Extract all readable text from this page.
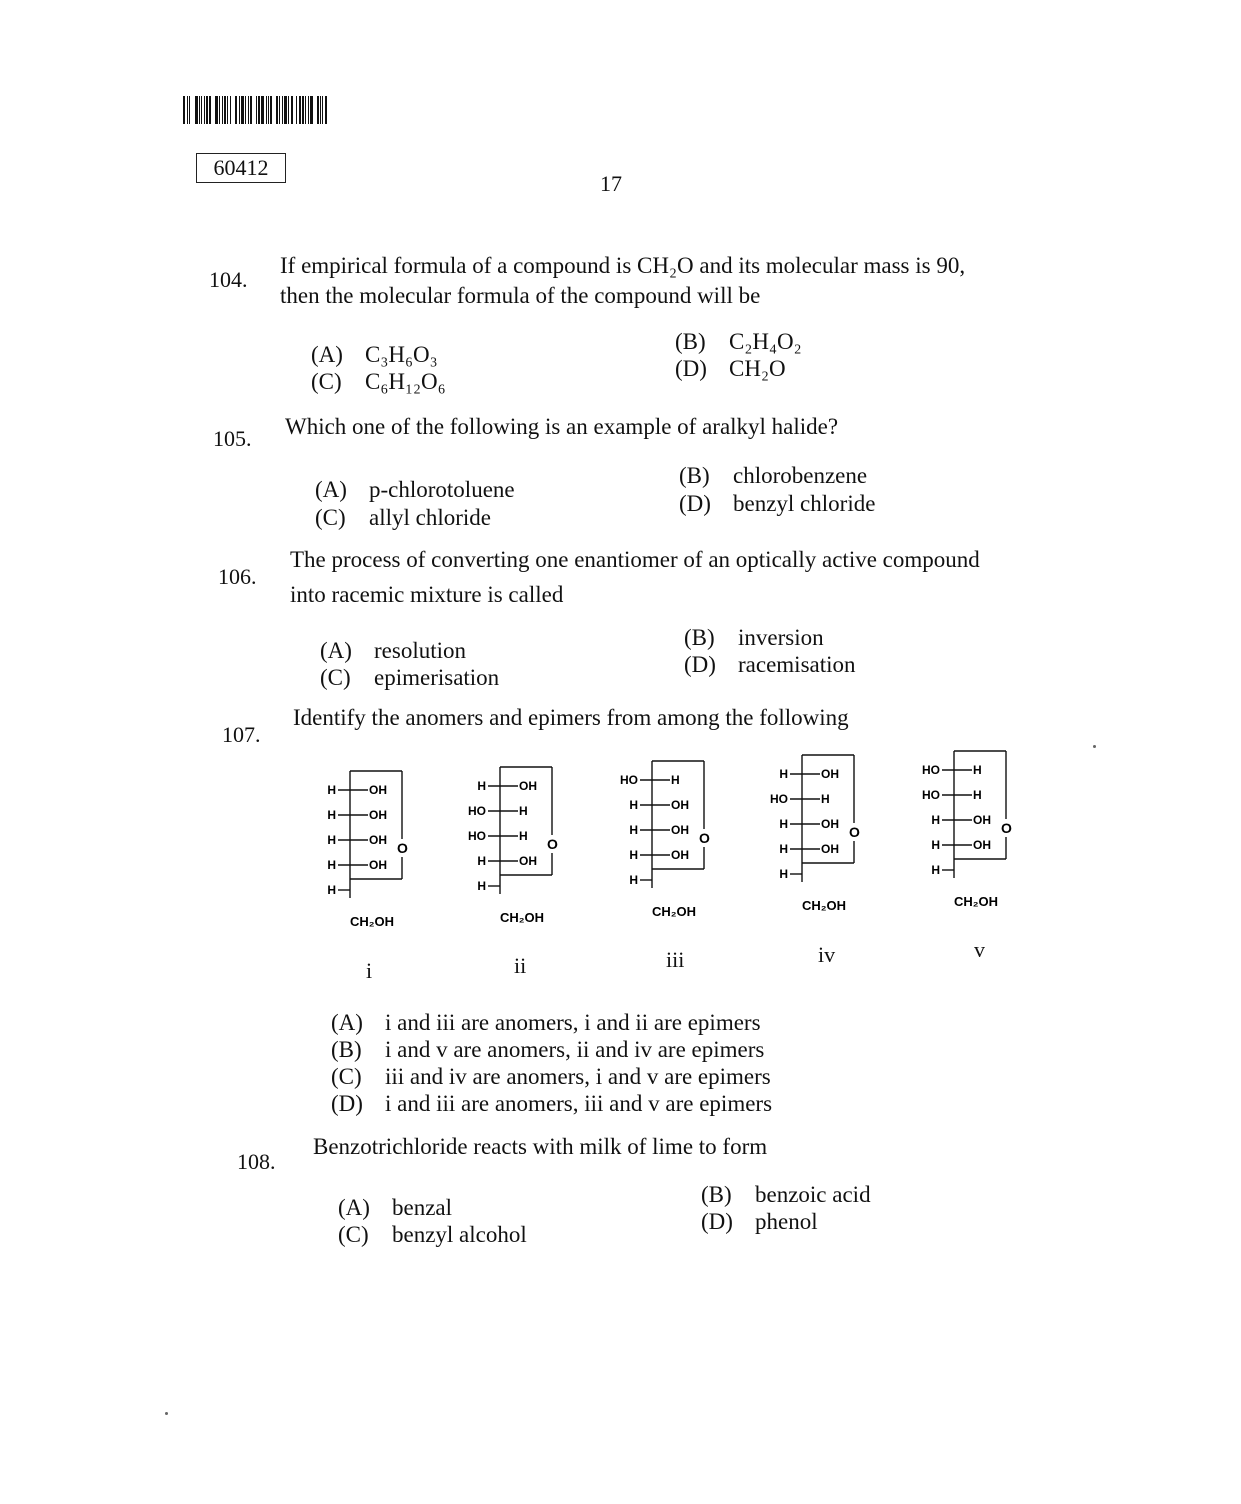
60412
17
104.
If empirical formula of a compound is CH₂O and its molecular mass is 90,
then the molecular formula of the compound will be
(A) C₃H₆O₃
(B) C₂H₄O₂
(C) C₆H₁₂O₆
(D) CH₂O
105. Which one of the following is an example of aralkyl halide?
(A) p-chlorotoluene
(B) chlorobenzene
(C) allyl chloride
(D) benzyl chloride
106.
The process of converting one enantiomer of an optically active compound
into racemic mixture is called
(A) resolution
(B) inversion
(C) epimerisation
(D) racemisation
107.
Identify the anomers and epimers from among the following
O
H	OH
H	OH
H	OH
H	OH
H
CH₂OH
i
O
H	OH
HO	H
HO	H
H	OH
H
CH₂OH
ii
O
HO	H
H	OH
H	OH
H	OH
H
CH₂OH
iii
O
H	OH
HO	H
H	OH
H	OH
H
CH₂OH
iv
O
HO	H
HO	H
H	OH
H	OH
H
CH₂OH
v
(A) i and iii are anomers, i and ii are epimers
(B) i and v are anomers, ii and iv are epimers
(C) iii and iv are anomers, i and v are epimers
(D) i and iii are anomers, iii and v are epimers
108.
Benzotrichloride reacts with milk of lime to form
(A) benzal
(B) benzoic acid
(C) benzyl alcohol
(D) phenol
